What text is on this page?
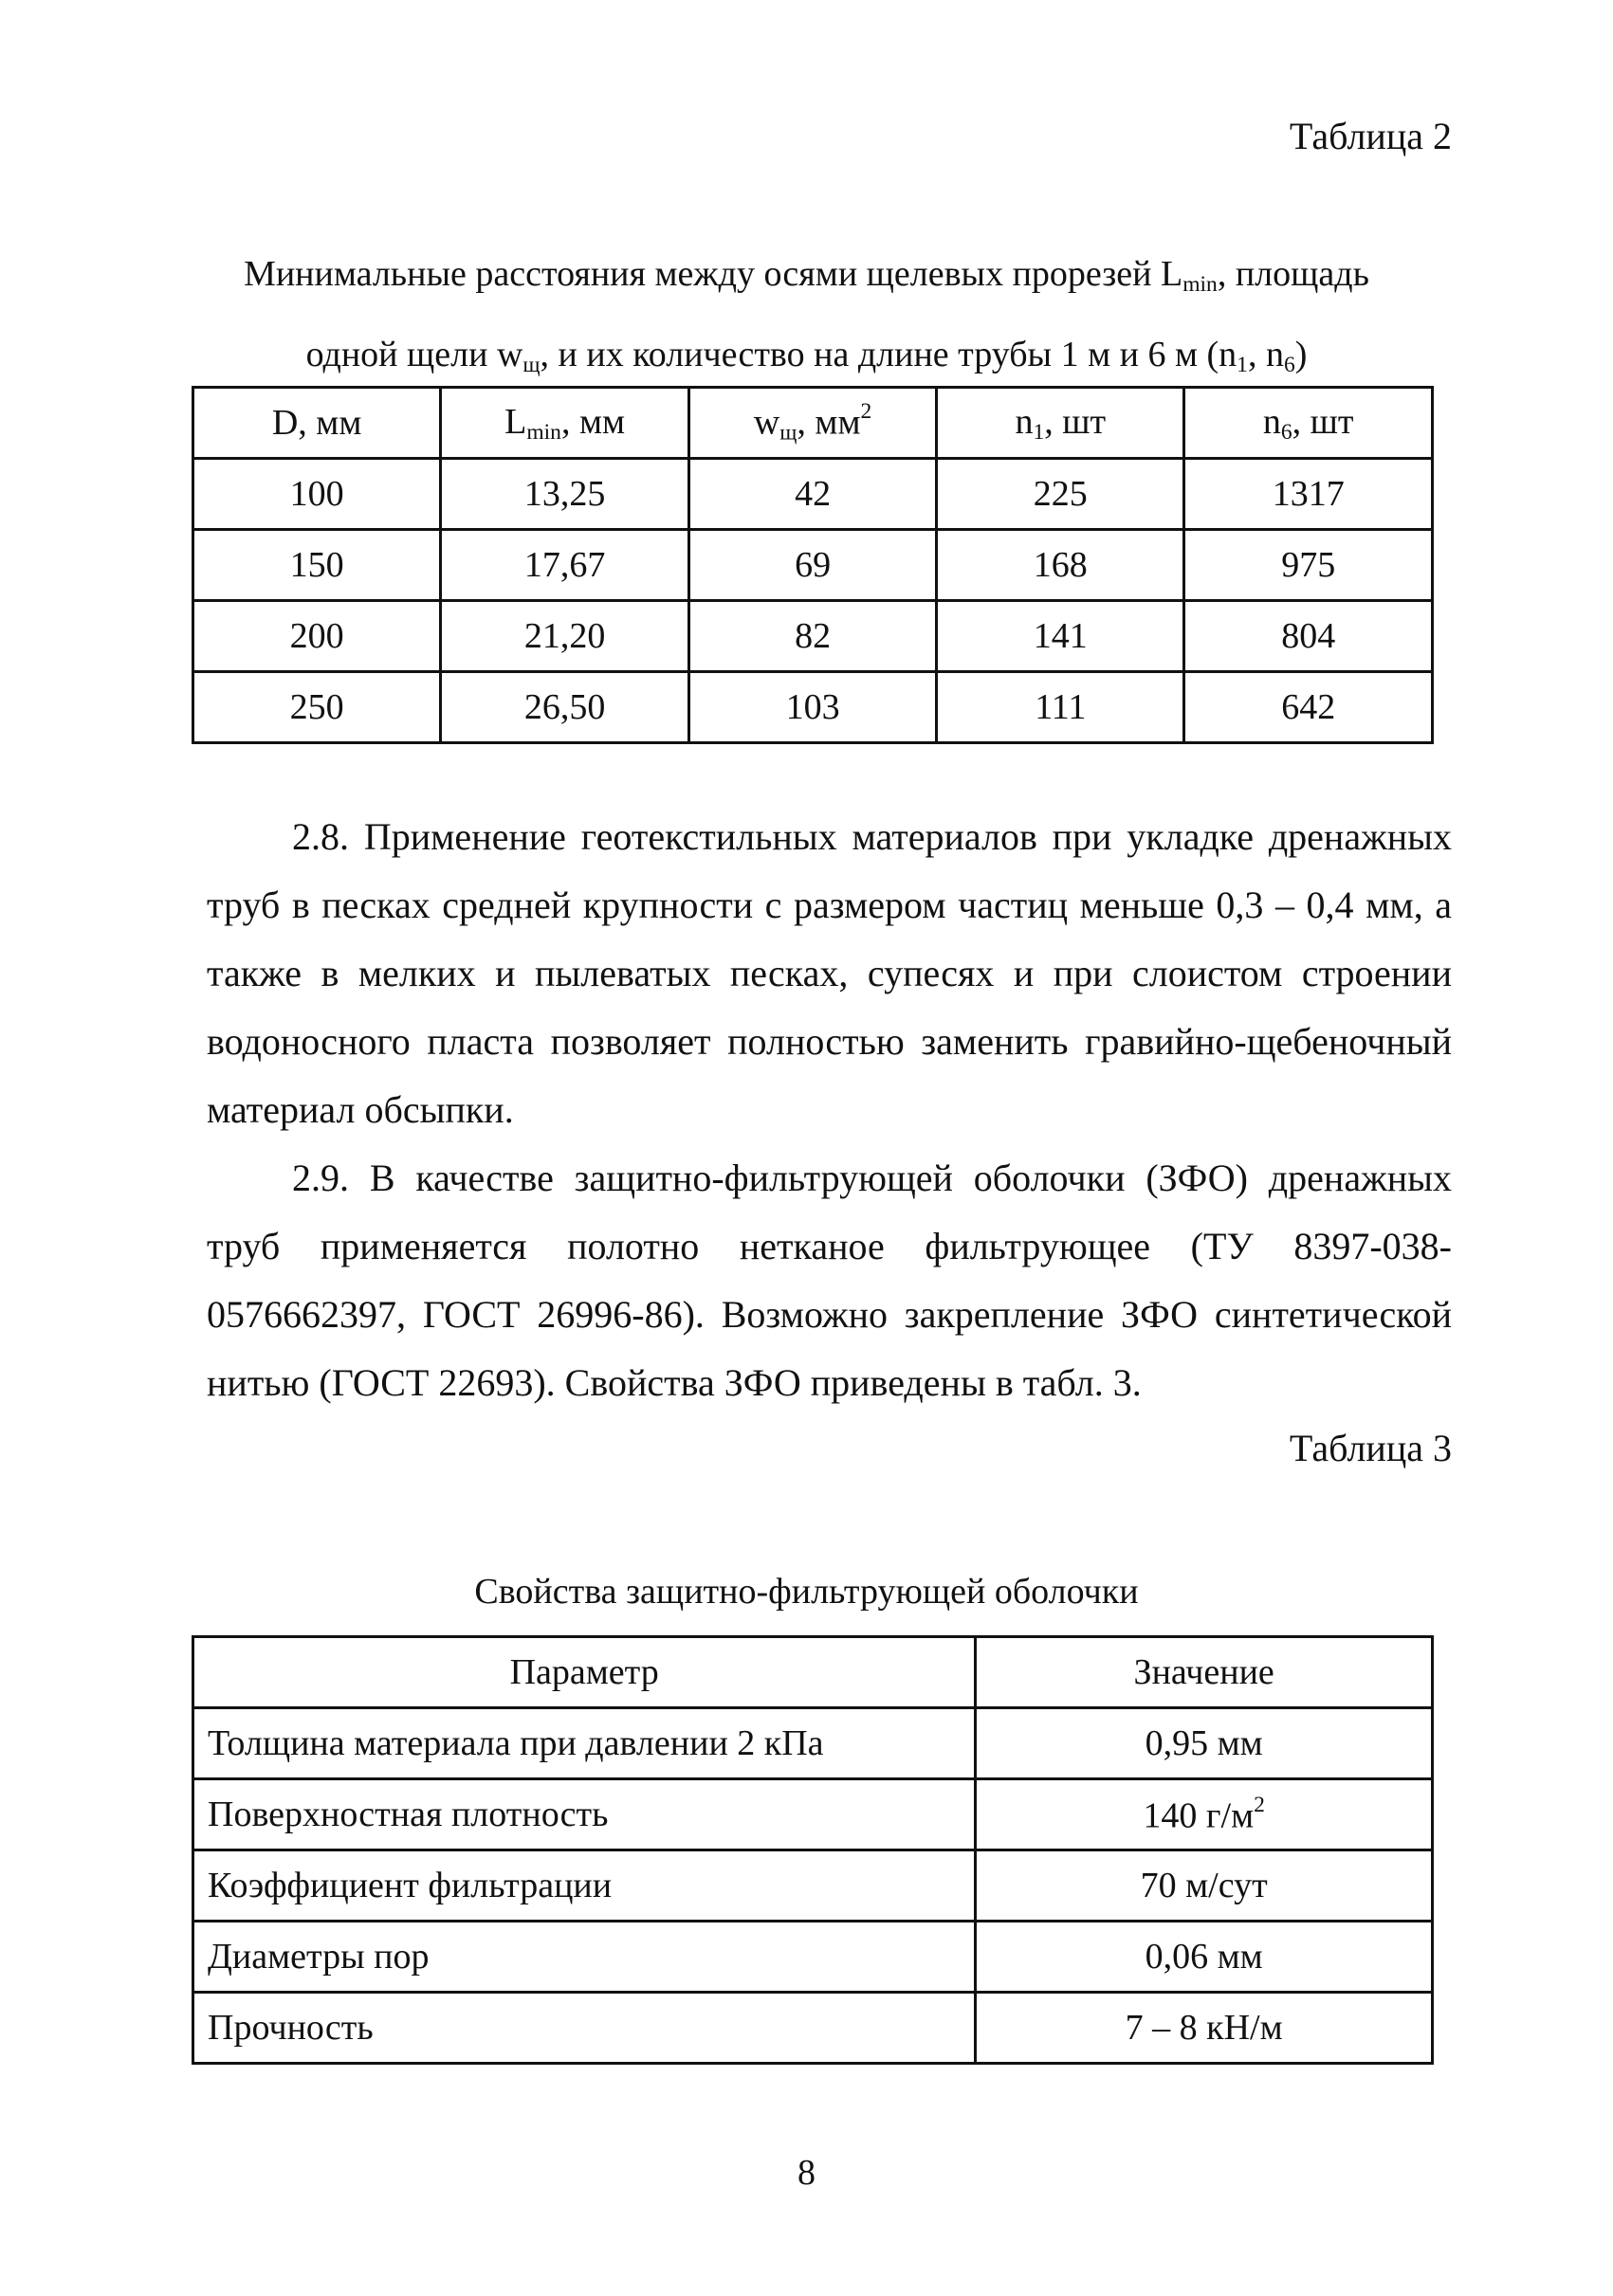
Таблица 2
Минимальные расстояния между осями щелевых прорезей $L_{min}$, площадь
одной щели $w_щ$, и их количество на длине трубы 1 м и 6 м ($n_1$, $n_6$)
D, мм	$L_{min}$, мм	$w_щ$, $мм^2$	$n_1$, шт	$n_6$, шт
100	13,25	42	225	1317
150	17,67	69	168	975
200	21,20	82	141	804
250	26,50	103	111	642

2.8. Применение геотекстильных материалов при укладке дренажных труб в песках средней крупности с размером частиц меньше 0,3 – 0,4 мм, а также в мелких и пылеватых песках, супесях и при слоистом строении водоносного пласта позволяет полностью заменить гравийно-щебеночный материал обсыпки.

2.9. В качестве защитно-фильтрующей оболочки (ЗФО) дренажных труб применяется полотно нетканое фильтрующее (ТУ 8397-038-0576662397, ГОСТ 26996-86). Возможно закрепление ЗФО синтетической нитью (ГОСТ 22693). Свойства ЗФО приведены в табл. 3.

Таблица 3
Свойства защитно-фильтрующей оболочки
Параметр	Значение
Толщина материала при давлении 2 кПа	0,95 мм
Поверхностная плотность	140 $г/м^2$
Коэффициент фильтрации	70 м/сут
Диаметры пор	0,06 мм
Прочность	7 – 8 кН/м
8
